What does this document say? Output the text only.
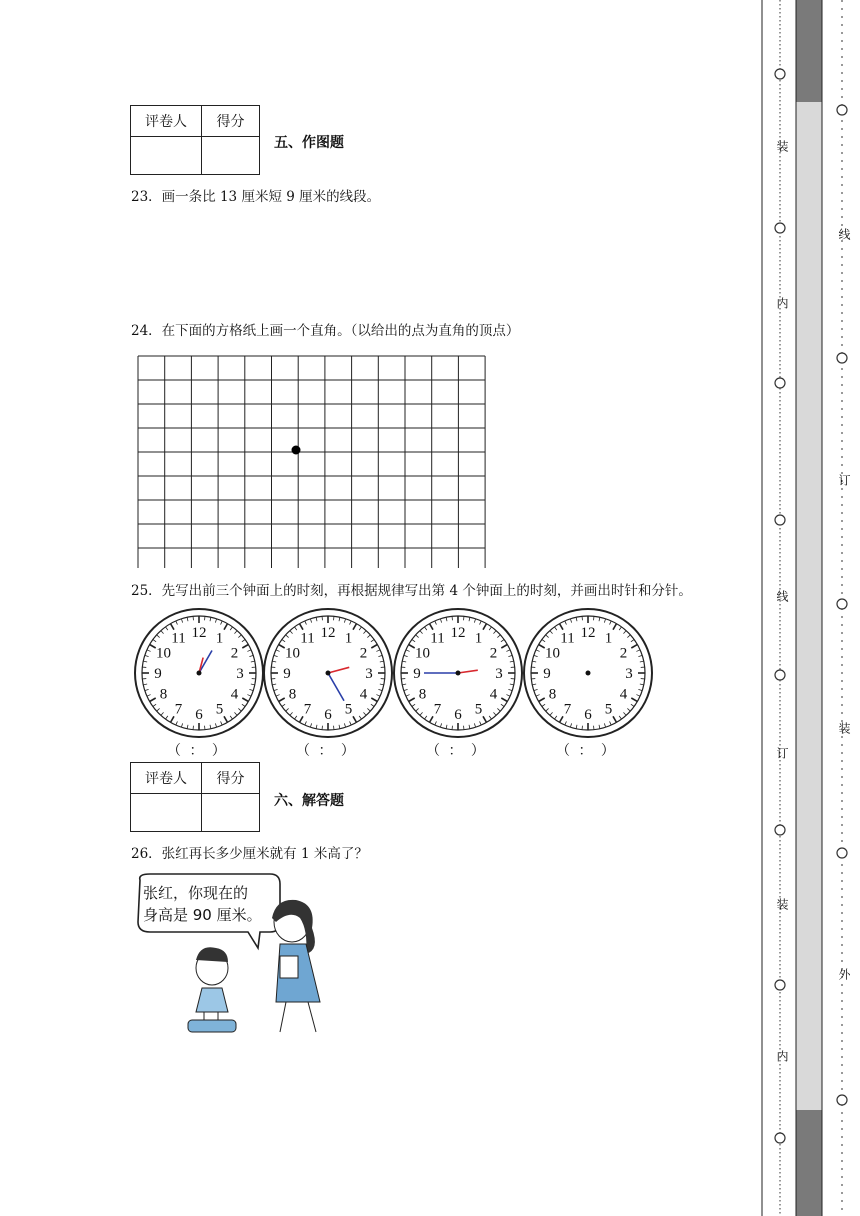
评卷人	得分

五、作图题
23．画一条比 13 厘米短 9 厘米的线段。
24．在下面的方格纸上画一个直角。（以给出的点为直角的顶点）
25．先写出前三个钟面上的时刻，再根据规律写出第 4 个钟面上的时刻，并画出时针和分针。
12 1
2
3
4
5
6
7
8
9
10
11	12 1
2
3
4
5
6
7
8
9
10
11	12 1
2
3
4
5
6
7
8
9
10
11	12 1
2
3
4
5
6
7
8
9
10
11
评卷人	得分

六、解答题
26．张红再长多少厘米就有 1 米高了？
张红，你现在的
身高是 90 厘米。
装
内
线
订
装
内
线
订
装
外
（ ： ）	（ ： ）	（ ： ）	（ ： ）
